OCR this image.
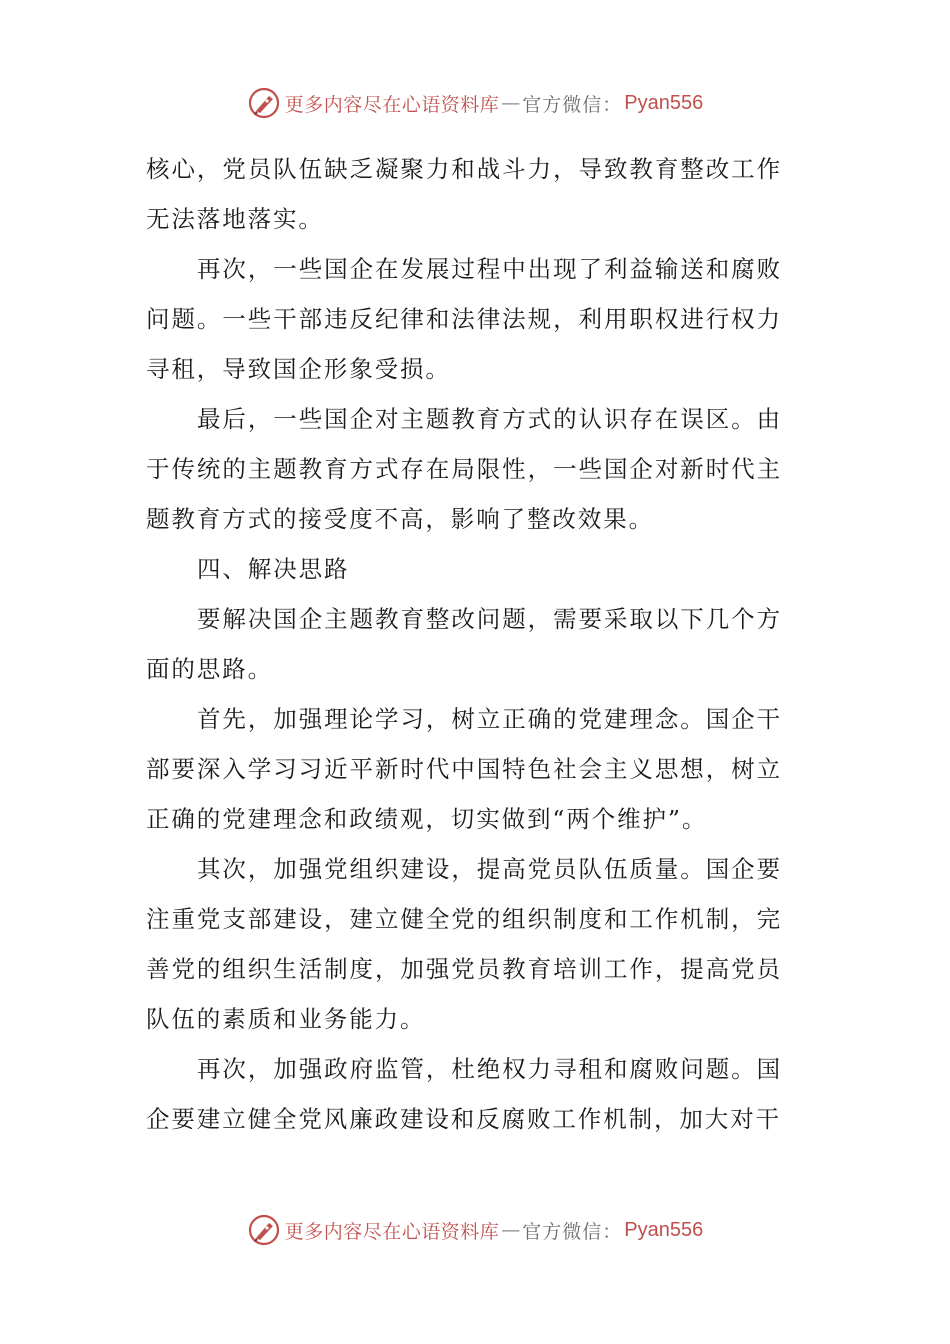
更多内容尽在心语资料库 — 官方微信： Pyan556

核心，党员队伍缺乏凝聚力和战斗力，导致教育整改工作无法落地落实。

再次，一些国企在发展过程中出现了利益输送和腐败问题。一些干部违反纪律和法律法规，利用职权进行权力寻租，导致国企形象受损。

最后，一些国企对主题教育方式的认识存在误区。由于传统的主题教育方式存在局限性，一些国企对新时代主题教育方式的接受度不高，影响了整改效果。

四、解决思路

要解决国企主题教育整改问题，需要采取以下几个方面的思路。

首先，加强理论学习，树立正确的党建理念。国企干部要深入学习习近平新时代中国特色社会主义思想，树立正确的党建理念和政绩观，切实做到“两个维护”。

其次，加强党组织建设，提高党员队伍质量。国企要注重党支部建设，建立健全党的组织制度和工作机制，完善党的组织生活制度，加强党员教育培训工作，提高党员队伍的素质和业务能力。

再次，加强政府监管，杜绝权力寻租和腐败问题。国企要建立健全党风廉政建设和反腐败工作机制，加大对干

更多内容尽在心语资料库 — 官方微信： Pyan556
